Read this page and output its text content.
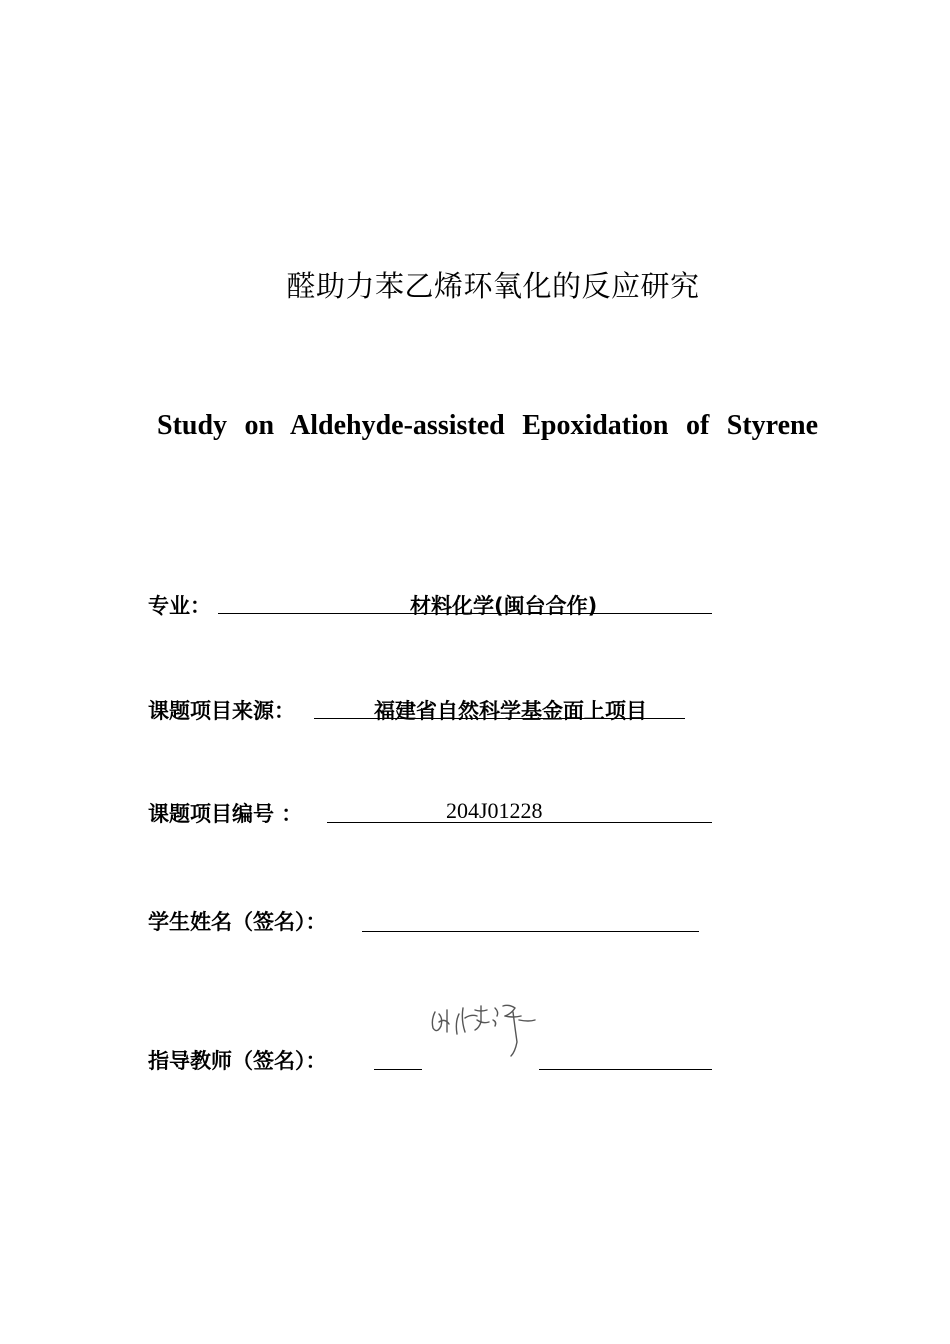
醛助力苯乙烯环氧化的反应研究
Study on Aldehyde-assisted Epoxidation of Styrene
专业：	材料化学(闽台合作)
课题项目来源：	福建省自然科学基金面上项目
课题项目编号 ：	204J01228
学生姓名（签名）：
指导教师（签名）：
